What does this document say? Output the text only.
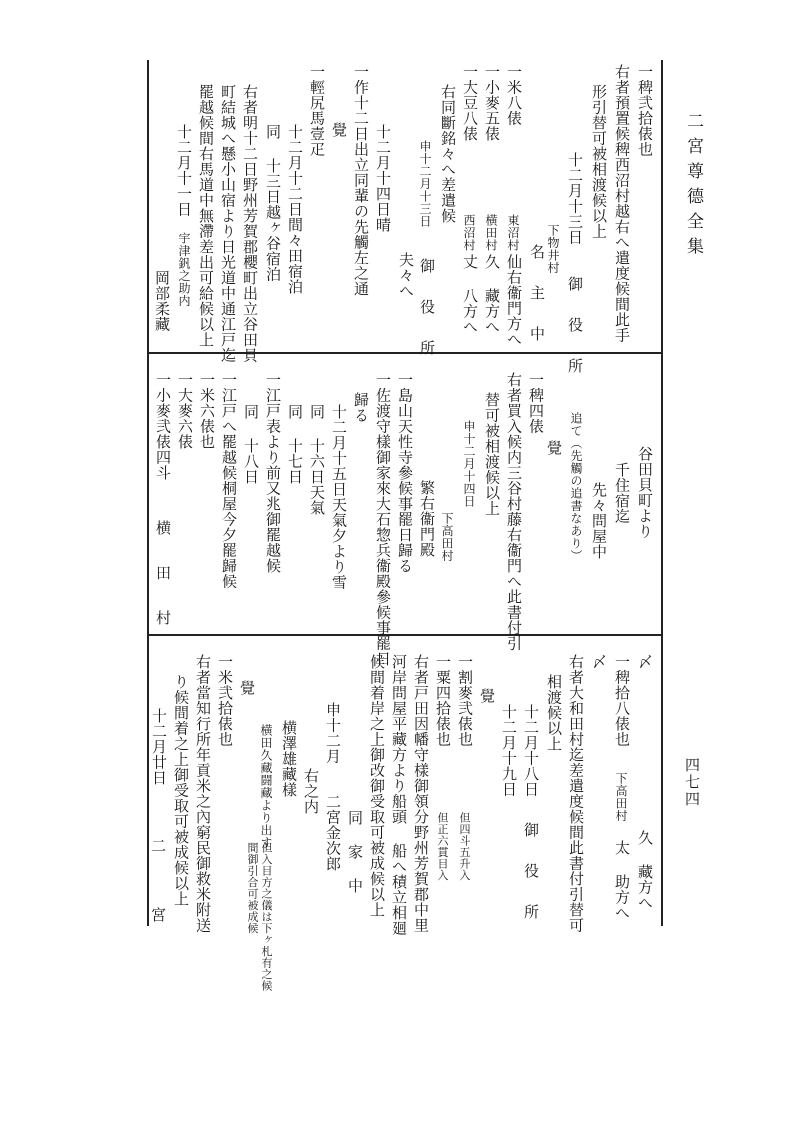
二宮尊德全集
四七四
二 宮
一稗弐拾俵也
右者預置候稗西沼村越右へ遣度候間此手
形引替可被相渡候以上
十二月十三日
御 役 所
下物井村
名 主 中
一米八俵
東沼村
仙右衞門方へ
一小麥五俵
横田村
久 藏方へ
一大豆八俵
西沼村
丈 八方へ
右同斷銘々へ差遣候
申十二月十三日
御 役 所
夫々へ
十二月十四日晴
一作十二日出立同輩の先觸左之通
覺
一輕尻馬壹疋
十二月十二日間々田宿泊
同 十三日越ヶ谷宿泊
右者明十二日野州芳賀郡櫻町出立谷田貝
町結城へ懸小山宿より日光道中通江戸迄
罷越候間右馬道中無滯差出可給候以上
十二月十一日
宇津釩之助内
岡部柔藏
谷田貝町より
千住宿迄
先々問屋中
追て（先觸の追書なあり）
覺
一稗四俵
右者買入候内三谷村藤右衞門へ此書付引
替可被相渡候以上
申十二月十四日
下高田村
繁右衞門殿
一島山天性寺參候事罷日歸る
一佐渡守樣御家來大石惣兵衞殿參候事罷日
歸る
十二月十五日天氣夕より雪
同 十六日天氣
同 十七日
一江戸表より前又兆御罷越候
同 十八日
一江戸へ罷越候桐屋今夕罷歸候
一米六俵也
一大麥六俵
一小麥弐俵四斗
横 田 村
〆
久 藏方へ
一稗拾八俵也
下高田村
太 助方へ
〆
右者大和田村迄差遣度候間此書付引替可
相渡候以上
十二月十八日
御 役 所
十二月十九日
覺
一割麥弐俵也
但四斗五升入
一粟四拾俵也
但正六貫目入
右者戸田因幡守樣御領分野州芳賀郡中里
河岸問屋平藏方より船頭 船へ積立相廻
候間着岸之上御改御受取可被成候以上
同 家 中
申十二月
二宮金次郎
右之内
横澤雄藏樣
横田久藏闘藏より出す
覺
但入目方之儀は下ヶ札有之候
間御引合可被成候
一米弐拾俵也
右者當知行所年貢米之內窮民御救米附送
り候間着之上御受取可被成候以上
十二月廿日
